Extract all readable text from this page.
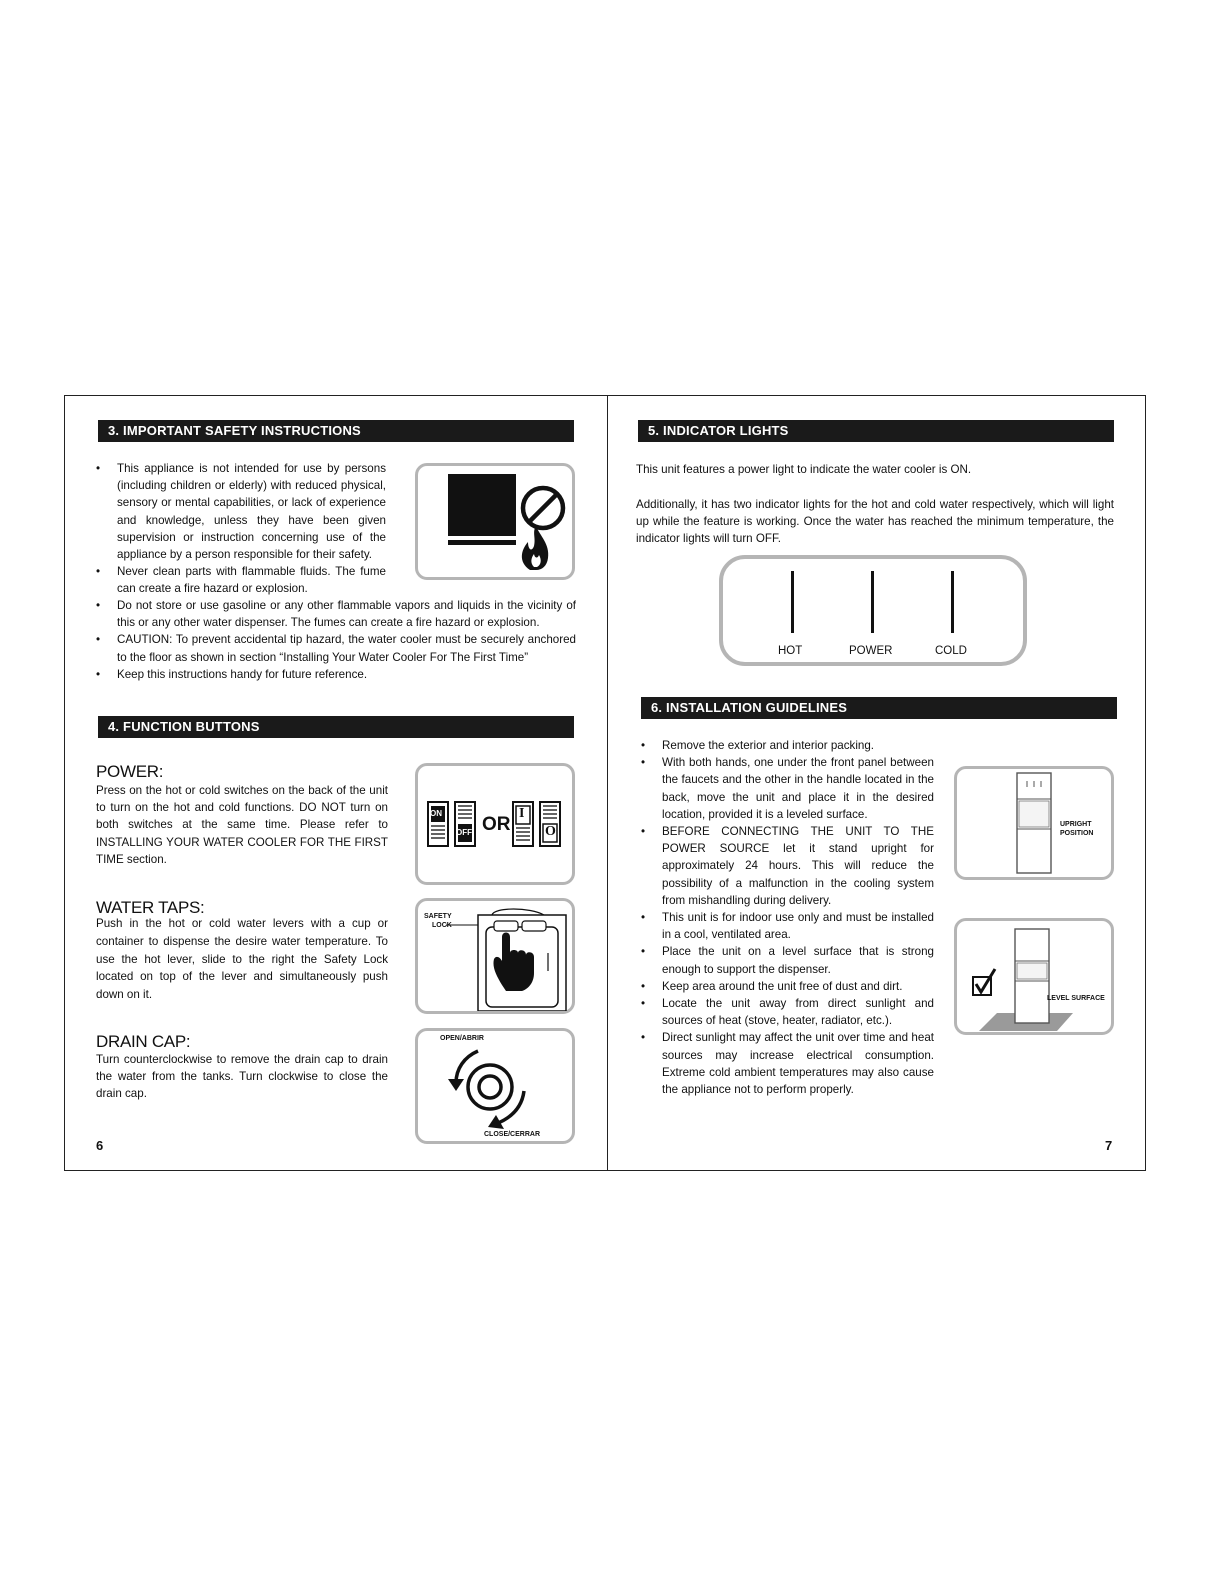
3. IMPORTANT SAFETY INSTRUCTIONS
• This appliance is not intended for use by persons (including children or elderly) with reduced physical, sensory or mental capabilities, or lack of experience and knowledge, unless they have been given supervision or instruction concerning use of the appliance by a person responsible for their safety.
• Never clean parts with flammable fluids. The fume can create a fire hazard or explosion.
• Do not store or use gasoline or any other flammable vapors and liquids in the vicinity of this or any other water dispenser. The fumes can create a fire hazard or explosion.
• CAUTION: To prevent accidental tip hazard, the water cooler must be securely anchored to the floor as shown in section “Installing Your Water Cooler For The First Time”
• Keep this instructions handy for future reference.
4. FUNCTION BUTTONS
POWER:
Press on the hot or cold switches on the back of the unit to turn on the hot and cold functions. DO NOT turn on both switches at the same time. Please refer to INSTALLING YOUR WATER COOLER FOR THE FIRST TIME section.
ON
OFF OR
I
O
WATER TAPS:
Push in the hot or cold water levers with a cup or container to dispense the desire water temperature. To use the hot lever, slide to the right the Safety Lock located on top of the lever and simultaneously push down on it.
SAFETY
LOCK
DRAIN CAP:
Turn counterclockwise to remove the drain cap to drain the water from the tanks. Turn clockwise to close the drain cap.
OPEN/ABRIR
CLOSE/CERRAR
6
5. INDICATOR LIGHTS
This unit features a power light to indicate the water cooler is ON.
Additionally, it has two indicator lights for the hot and cold water respectively, which will light up while the feature is working. Once the water has reached the minimum temperature, the indicator lights will turn OFF.
HOT	POWER	COLD
6. INSTALLATION GUIDELINES
• Remove the exterior and interior packing.
• With both hands, one under the front panel between the faucets and the other in the handle located in the back, move the unit and place it in the desired location, provided it is a leveled surface.
• BEFORE CONNECTING THE UNIT TO THE POWER SOURCE let it stand upright for approximately 24 hours. This will reduce the possibility of a malfunction in the cooling system from mishandling during delivery.
• This unit is for indoor use only and must be installed in a cool, ventilated area.
• Place the unit on a level surface that is strong enough to support the dispenser.
• Keep area around the unit free of dust and dirt.
• Locate the unit away from direct sunlight and sources of heat (stove, heater, radiator, etc.).
• Direct sunlight may affect the unit over time and heat sources may increase electrical consumption. Extreme cold ambient temperatures may also cause the appliance not to perform properly.
UPRIGHT
POSITION
LEVEL SURFACE
7
